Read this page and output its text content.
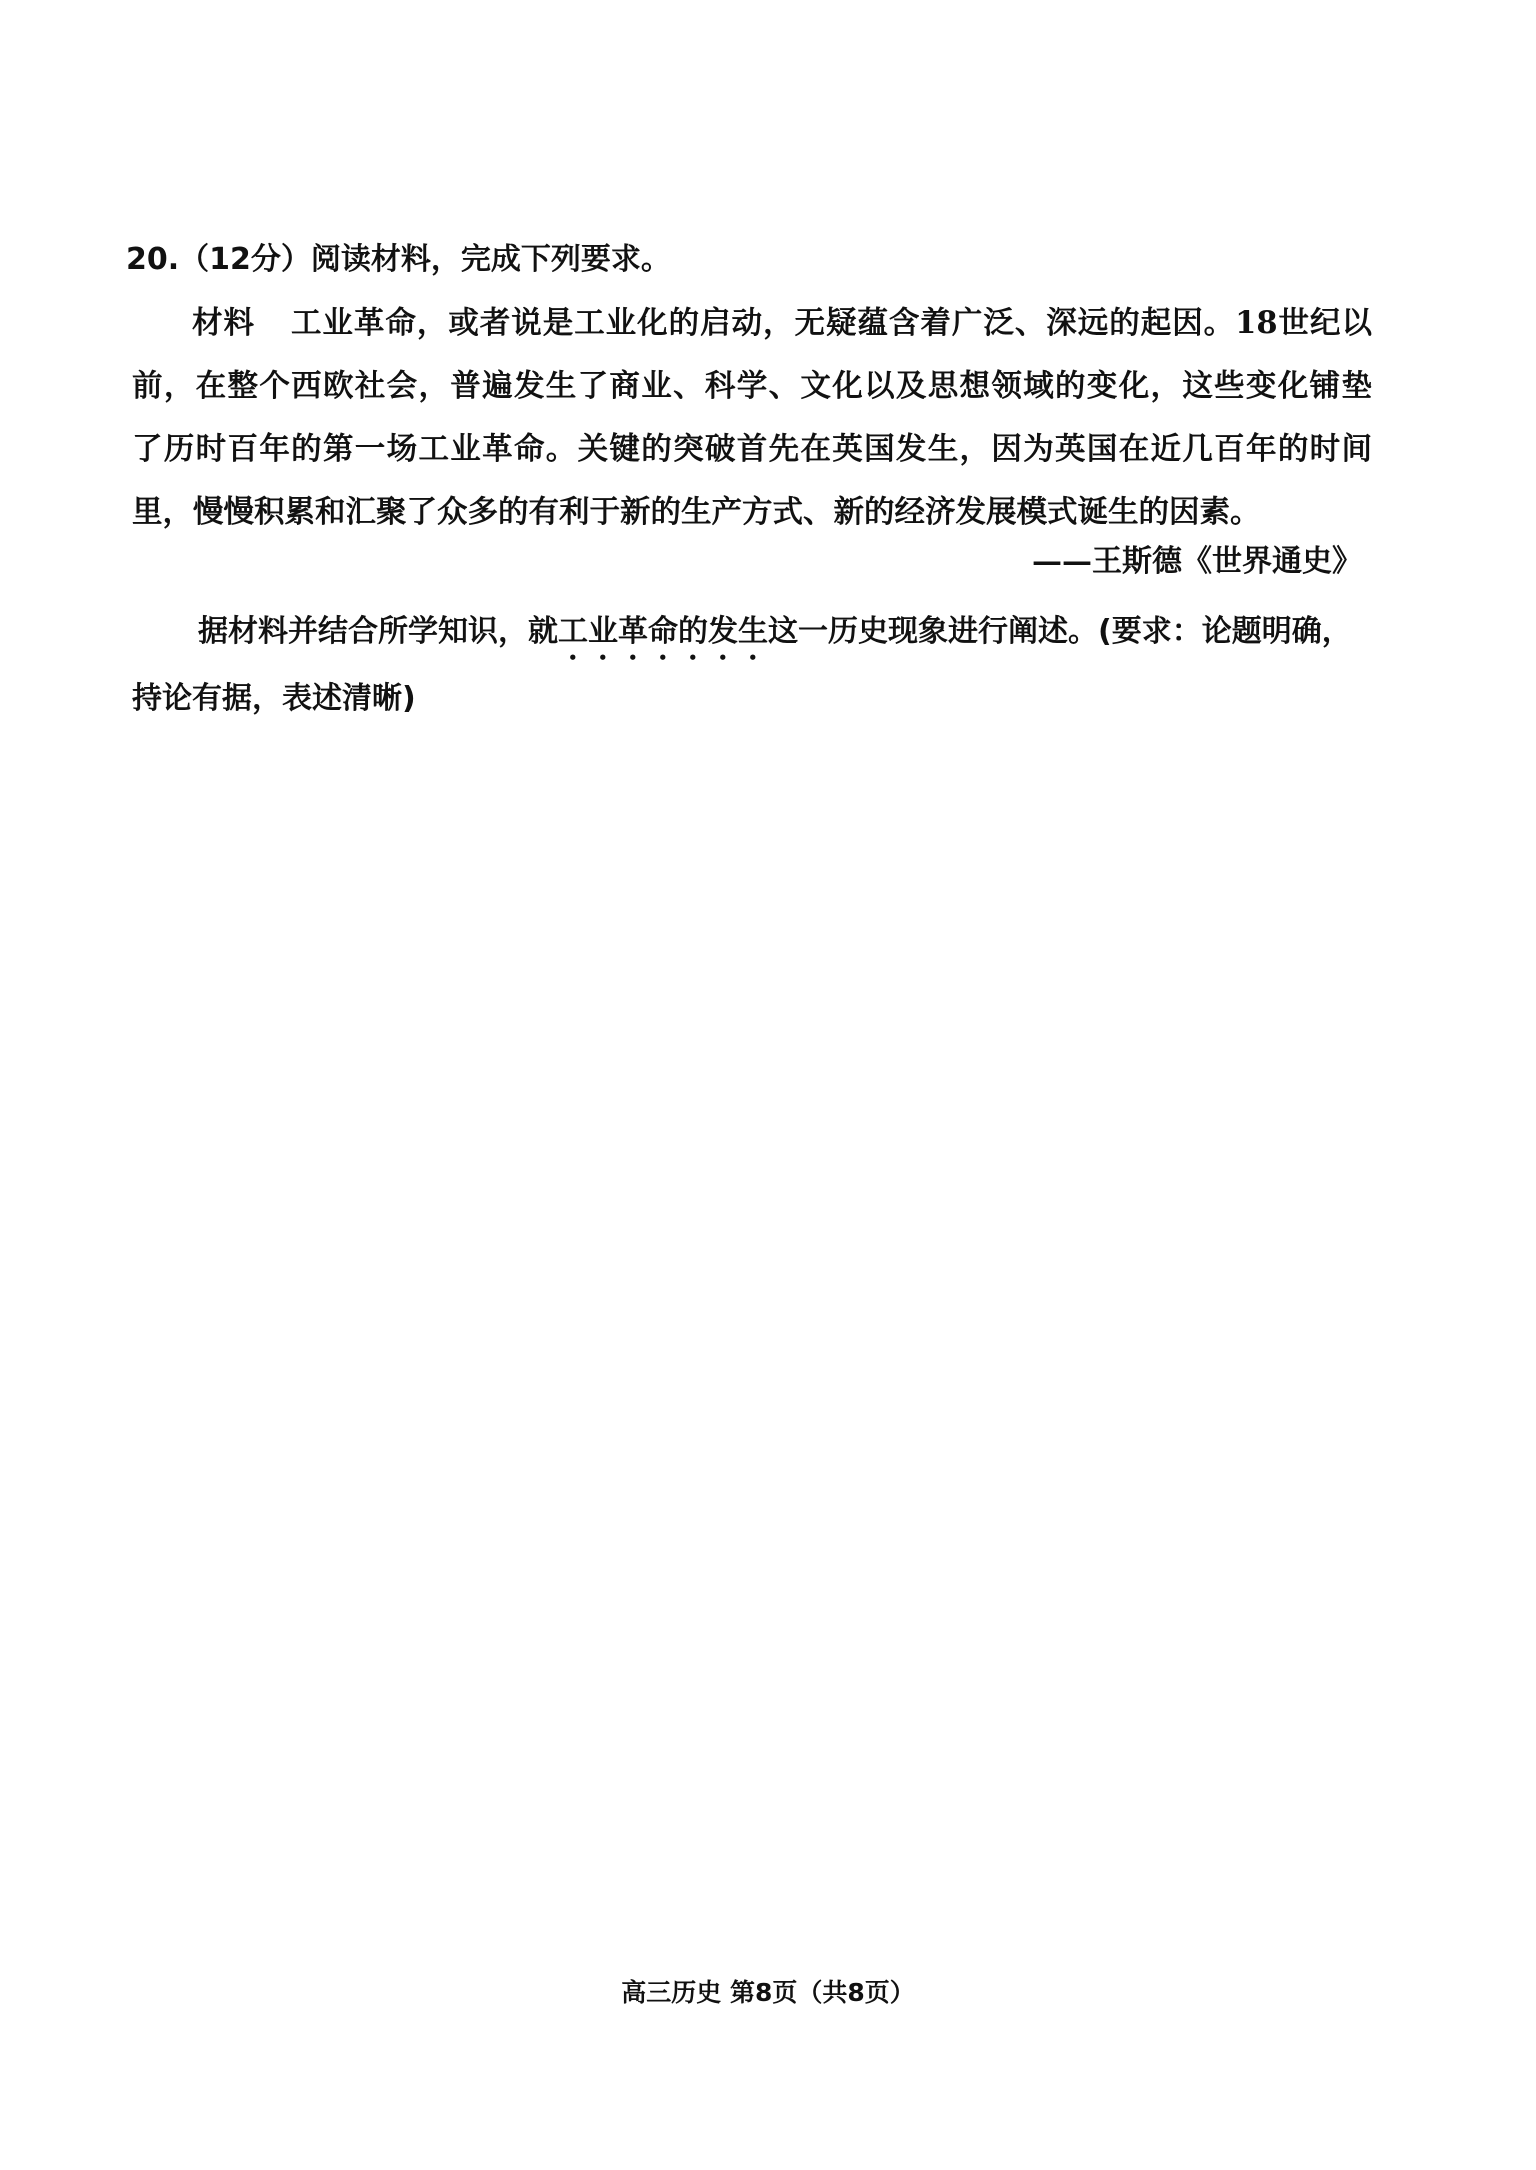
20.（12分）阅读材料，完成下列要求。
材料 工业革命，或者说是工业化的启动，无疑蕴含着广泛、深远的起因。18世纪以
前，在整个西欧社会，普遍发生了商业、科学、文化以及思想领域的变化，这些变化铺垫
了历时百年的第一场工业革命。关键的突破首先在英国发生，因为英国在近几百年的时间
里，慢慢积累和汇聚了众多的有利于新的生产方式、新的经济发展模式诞生的因素。
——王斯德《世界通史》
据材料并结合所学知识，就工业革命的发生这一历史现象进行阐述。(要求：论题明确，
持论有据，表述清晰)
高三历史 第8页（共8页）
